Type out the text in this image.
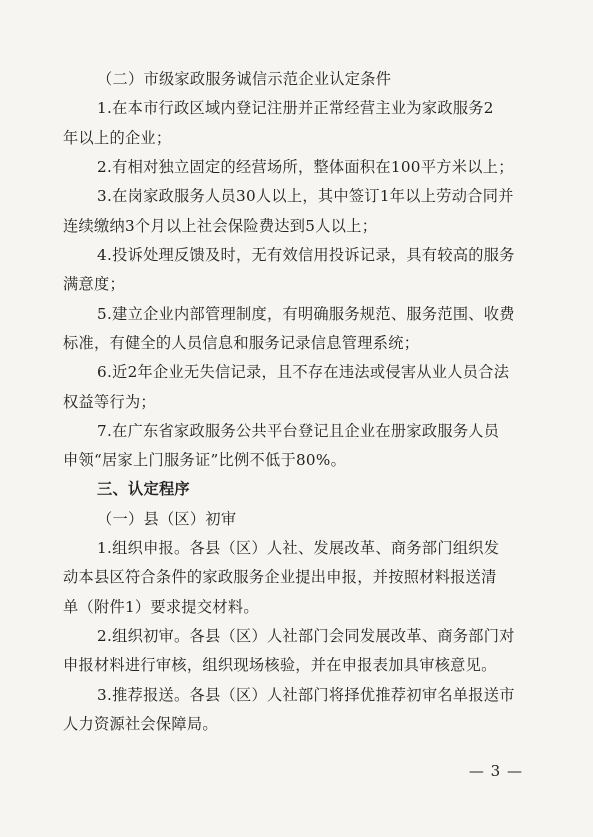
（二）市级家政服务诚信示范企业认定条件
1.在本市行政区域内登记注册并正常经营主业为家政服务2
年以上的企业；
2.有相对独立固定的经营场所，整体面积在100平方米以上；
3.在岗家政服务人员30人以上，其中签订1年以上劳动合同并
连续缴纳3个月以上社会保险费达到5人以上；
4.投诉处理反馈及时，无有效信用投诉记录，具有较高的服务
满意度；
5.建立企业内部管理制度，有明确服务规范、服务范围、收费
标准，有健全的人员信息和服务记录信息管理系统；
6.近2年企业无失信记录，且不存在违法或侵害从业人员合法
权益等行为；
7.在广东省家政服务公共平台登记且企业在册家政服务人员
申领“居家上门服务证”比例不低于80%。
三、认定程序
（一）县（区）初审
1.组织申报。各县（区）人社、发展改革、商务部门组织发
动本县区符合条件的家政服务企业提出申报，并按照材料报送清
单（附件1）要求提交材料。
2.组织初审。各县（区）人社部门会同发展改革、商务部门对
申报材料进行审核，组织现场核验，并在申报表加具审核意见。
3.推荐报送。各县（区）人社部门将择优推荐初审名单报送市
人力资源社会保障局。
— 3 —
